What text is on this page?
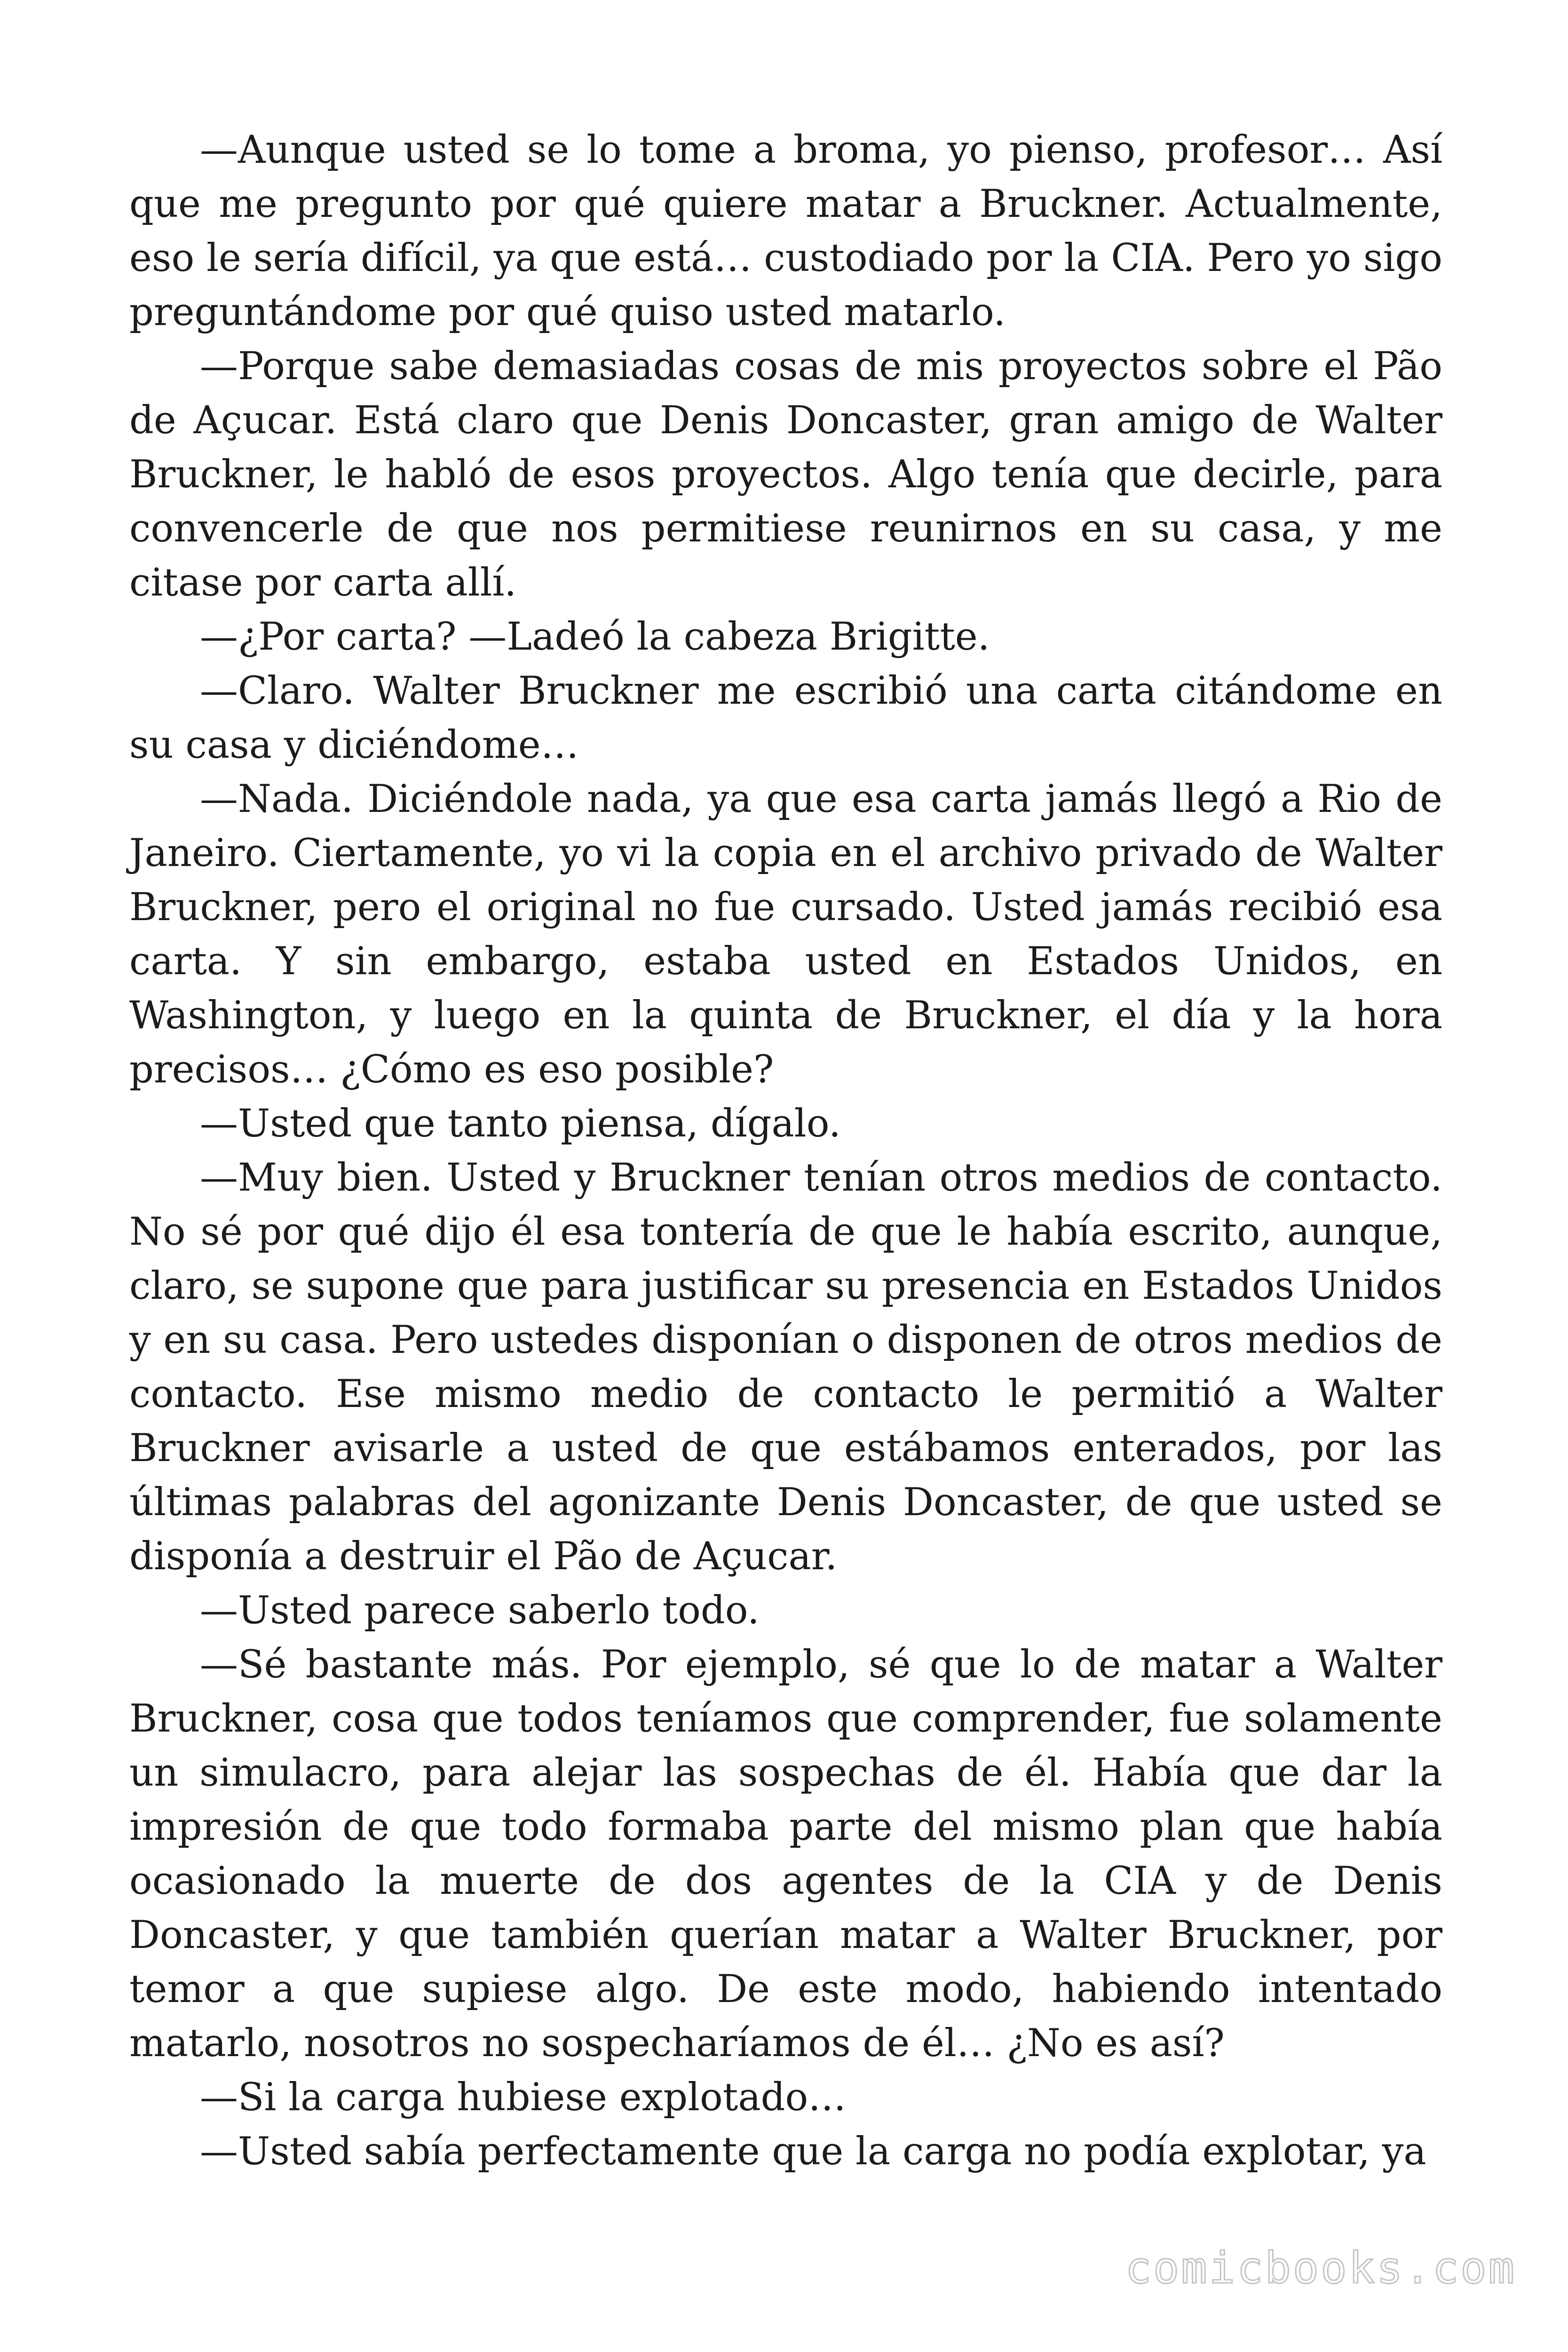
—Aunque usted se lo tome a broma, yo pienso, profesor… Así que me pregunto por qué quiere matar a Bruckner. Actualmente, eso le sería difícil, ya que está… custodiado por la CIA. Pero yo sigo preguntándome por qué quiso usted matarlo.

—Porque sabe demasiadas cosas de mis proyectos sobre el Pão de Açucar. Está claro que Denis Doncaster, gran amigo de Walter Bruckner, le habló de esos proyectos. Algo tenía que decirle, para convencerle de que nos permitiese reunirnos en su casa, y me citase por carta allí.

—¿Por carta? —Ladeó la cabeza Brigitte.

—Claro. Walter Bruckner me escribió una carta citándome en su casa y diciéndome…

—Nada. Diciéndole nada, ya que esa carta jamás llegó a Rio de Janeiro. Ciertamente, yo vi la copia en el archivo privado de Walter Bruckner, pero el original no fue cursado. Usted jamás recibió esa carta. Y sin embargo, estaba usted en Estados Unidos, en Washington, y luego en la quinta de Bruckner, el día y la hora precisos… ¿Cómo es eso posible?

—Usted que tanto piensa, dígalo.

—Muy bien. Usted y Bruckner tenían otros medios de contacto. No sé por qué dijo él esa tontería de que le había escrito, aunque, claro, se supone que para justificar su presencia en Estados Unidos y en su casa. Pero ustedes disponían o disponen de otros medios de contacto. Ese mismo medio de contacto le permitió a Walter Bruckner avisarle a usted de que estábamos enterados, por las últimas palabras del agonizante Denis Doncaster, de que usted se disponía a destruir el Pão de Açucar.

—Usted parece saberlo todo.

—Sé bastante más. Por ejemplo, sé que lo de matar a Walter Bruckner, cosa que todos teníamos que comprender, fue solamente un simulacro, para alejar las sospechas de él. Había que dar la impresión de que todo formaba parte del mismo plan que había ocasionado la muerte de dos agentes de la CIA y de Denis Doncaster, y que también querían matar a Walter Bruckner, por temor a que supiese algo. De este modo, habiendo intentado matarlo, nosotros no sospecharíamos de él… ¿No es así?

—Si la carga hubiese explotado…

—Usted sabía perfectamente que la carga no podía explotar, ya

comicbooks.com
